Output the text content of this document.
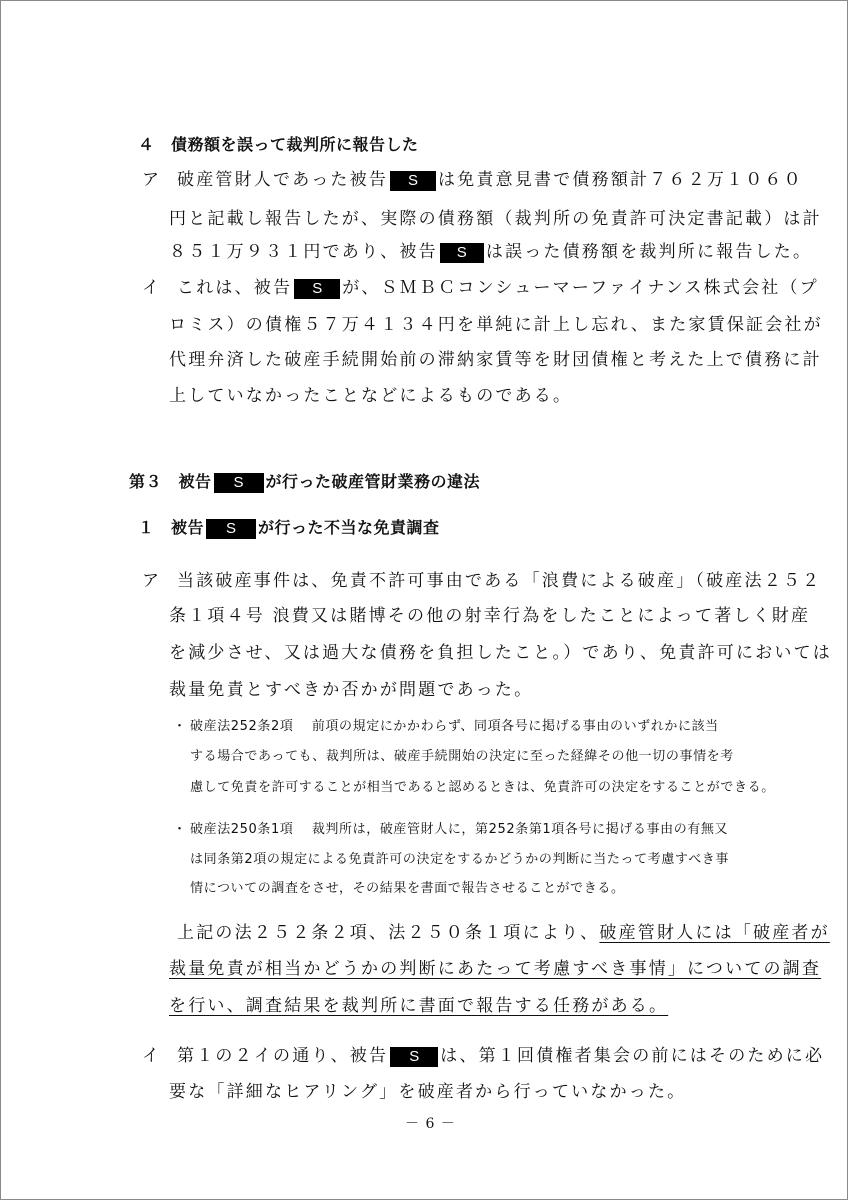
４　債務額を誤って裁判所に報告した
ア 破産管財人であった被告 S は免責意見書で債務額計７６２万１０６０
円と記載し報告したが、実際の債務額（裁判所の免責許可決定書記載）は計
８５１万９３１円であり、被告 S は誤った債務額を裁判所に報告した。
イ これは、被告 S が、ＳＭＢＣコンシューマーファイナンス株式会社（プ
ロミス）の債権５７万４１３４円を単純に計上し忘れ、また家賃保証会社が
代理弁済した破産手続開始前の滞納家賃等を財団債権と考えた上で債務に計
上していなかったことなどによるものである。
第３　被告 S が行った破産管財業務の違法
１　被告 S が行った不当な免責調査
ア 当該破産事件は、免責不許可事由である「浪費による破産」（破産法２５２
条１項４号 浪費又は賭博その他の射幸行為をしたことによって著しく財産
を減少させ、又は過大な債務を負担したこと。）であり、免責許可においては
裁量免責とすべきか否かが問題であった。
・ 破産法252条2項　 前項の規定にかかわらず、同項各号に掲げる事由のいずれかに該当
する場合であっても、裁判所は、破産手続開始の決定に至った経緯その他一切の事情を考
慮して免責を許可することが相当であると認めるときは、免責許可の決定をすることができる。
・ 破産法250条1項　 裁判所は，破産管財人に，第252条第1項各号に掲げる事由の有無又
は同条第2項の規定による免責許可の決定をするかどうかの判断に当たって考慮すべき事
情についての調査をさせ，その結果を書面で報告させることができる。
上記の法２５２条２項、法２５０条１項により、破産管財人には「破産者が
裁量免責が相当かどうかの判断にあたって考慮すべき事情」についての調査
を行い、調査結果を裁判所に書面で報告する任務がある。
イ 第１の２イの通り、被告 S は、第１回債権者集会の前にはそのために必
要な「詳細なヒアリング」を破産者から行っていなかった。
－ 6 －
